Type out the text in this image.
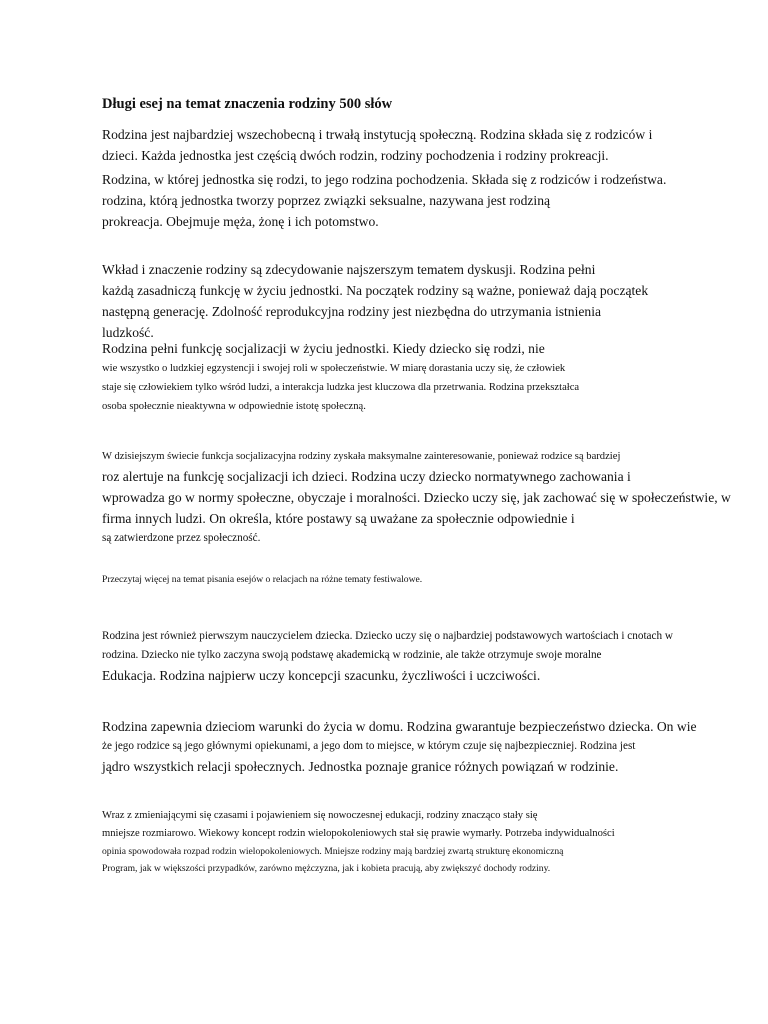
Długi esej na temat znaczenia rodziny 500 słów
Rodzina jest najbardziej wszechobecną i trwałą instytucją społeczną. Rodzina składa się z rodziców i
dzieci. Każda jednostka jest częścią dwóch rodzin, rodziny pochodzenia i rodziny prokreacji.
Rodzina, w której jednostka się rodzi, to jego rodzina pochodzenia. Składa się z rodziców i rodzeństwa.
rodzina, którą jednostka tworzy poprzez związki seksualne, nazywana jest rodziną
prokreacja. Obejmuje męża, żonę i ich potomstwo.
Wkład i znaczenie rodziny są zdecydowanie najszerszym tematem dyskusji. Rodzina pełni
każdą zasadniczą funkcję w życiu jednostki. Na początek rodziny są ważne, ponieważ dają początek
następną generację. Zdolność reprodukcyjna rodziny jest niezbędna do utrzymania istnienia
ludzkość.
Rodzina pełni funkcję socjalizacji w życiu jednostki. Kiedy dziecko się rodzi, nie
wie wszystko o ludzkiej egzystencji i swojej roli w społeczeństwie. W miarę dorastania uczy się, że człowiek
staje się człowiekiem tylko wśród ludzi, a interakcja ludzka jest kluczowa dla przetrwania. Rodzina przekształca
osoba społecznie nieaktywna w odpowiednie istotę społeczną.
W dzisiejszym świecie funkcja socjalizacyjna rodziny zyskała maksymalne zainteresowanie, ponieważ rodzice są bardziej
roz alertuje na funkcję socjalizacji ich dzieci. Rodzina uczy dziecko normatywnego zachowania i
wprowadza go w normy społeczne, obyczaje i moralności. Dziecko uczy się, jak zachować się w społeczeństwie, w
firma innych ludzi. On określa, które postawy są uważane za społecznie odpowiednie i
są zatwierdzone przez społeczność.
Przeczytaj więcej na temat pisania esejów o relacjach na różne tematy festiwalowe.
Rodzina jest również pierwszym nauczycielem dziecka. Dziecko uczy się o najbardziej podstawowych wartościach i cnotach w
rodzina. Dziecko nie tylko zaczyna swoją podstawę akademicką w rodzinie, ale także otrzymuje swoje moralne
Edukacja. Rodzina najpierw uczy koncepcji szacunku, życzliwości i uczciwości.
Rodzina zapewnia dzieciom warunki do życia w domu. Rodzina gwarantuje bezpieczeństwo dziecka. On wie
że jego rodzice są jego głównymi opiekunami, a jego dom to miejsce, w którym czuje się najbezpieczniej. Rodzina jest
jądro wszystkich relacji społecznych. Jednostka poznaje granice różnych powiązań w rodzinie.
Wraz z zmieniającymi się czasami i pojawieniem się nowoczesnej edukacji, rodziny znacząco stały się
mniejsze rozmiarowo. Wiekowy koncept rodzin wielopokoleniowych stał się prawie wymarły. Potrzeba indywidualności
opinia spowodowała rozpad rodzin wielopokoleniowych. Mniejsze rodziny mają bardziej zwartą strukturę ekonomiczną
Program, jak w większości przypadków, zarówno mężczyzna, jak i kobieta pracują, aby zwiększyć dochody rodziny.
